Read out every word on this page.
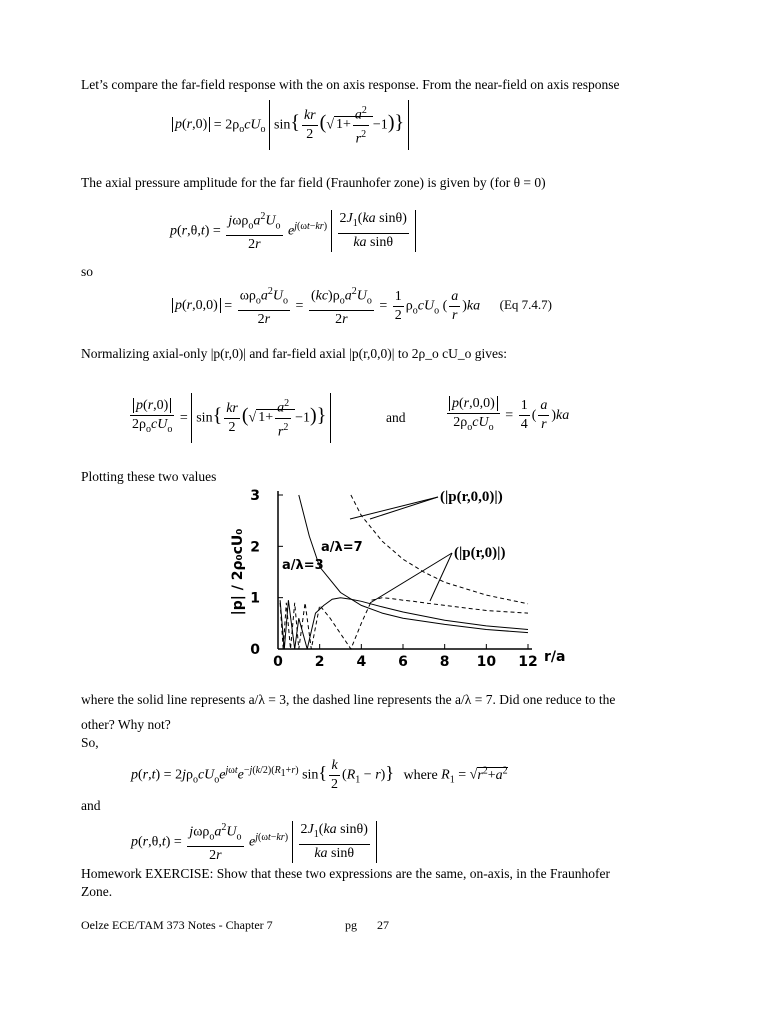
Let’s compare the far-field response with the on axis response. From the near-field on axis response
$p(r,0) = 2\rho_ocU_o$ $\sin\{ \frac{kr}{2}$ (√ $1+ \frac{a^2}{r^2} -1$)}
The axial pressure amplitude for the far field (Fraunhofer zone) is given by (for θ = 0)
$p(r,\theta,t) = \frac{j\omega\rho_oa^2U_o}{2r} e^{j(\omega t-kr)} \frac{2J_1(ka \sin\theta)}{\text{ka sinθ}}$
so
$p(r,0,0) = \frac{\omega\rho_oa^2U_o}{2r} = \frac{(kc)\rho_oa^2U_o}{2r} = \frac{1}{2} \rho_ocU_o$ ( $\frac{a}{r} )ka$ (Eq 7.4.7)
Normalizing axial-only |p(r,0)| and far-field axial |p(r,0,0)| to 2ρ_o cU_o gives:
$\frac{p(r,0)}{2\rho_ocU_o} = \sin\{ \frac{kr}{2}$ (√ $1+ \frac{a^2}{r^2} -1$)}	and	$\frac{p(r,0,0)}{2\rho_ocU_o} = \frac{1}{4}$ ( $\frac{a}{r} )ka$
Plotting these two values
0 2 4 6 8 10 12
0
1
2
3
r/a
|p| / 2ρ₀cU₀
(|p(r,0,0)|)
(|p(r,0)|)
a/λ=7
a/λ=3
where the solid line represents a/λ = 3, the dashed line represents the a/λ = 7. Did one reduce to the
other? Why not?
So,
$p(r,t) = 2j\rho_ocU_oe^{j\omega t}e^{-j(k/2)(R_1+r)}$ $\sin\{ \frac{k}{2} (R_1 - r)\}$ where $R_1 = √r^2+a^2$
and
$p(r,\theta,t) = \frac{j\omega\rho_oa^2U_o}{2r} e^{j(\omega t-kr)} \frac{2J_1(ka \sin\theta)}{\text{ka sinθ}}$
Homework EXERCISE: Show that these two expressions are the same, on-axis, in the Fraunhofer
Zone.
Oelze ECE/TAM 373 Notes - Chapter 7	pg 27
